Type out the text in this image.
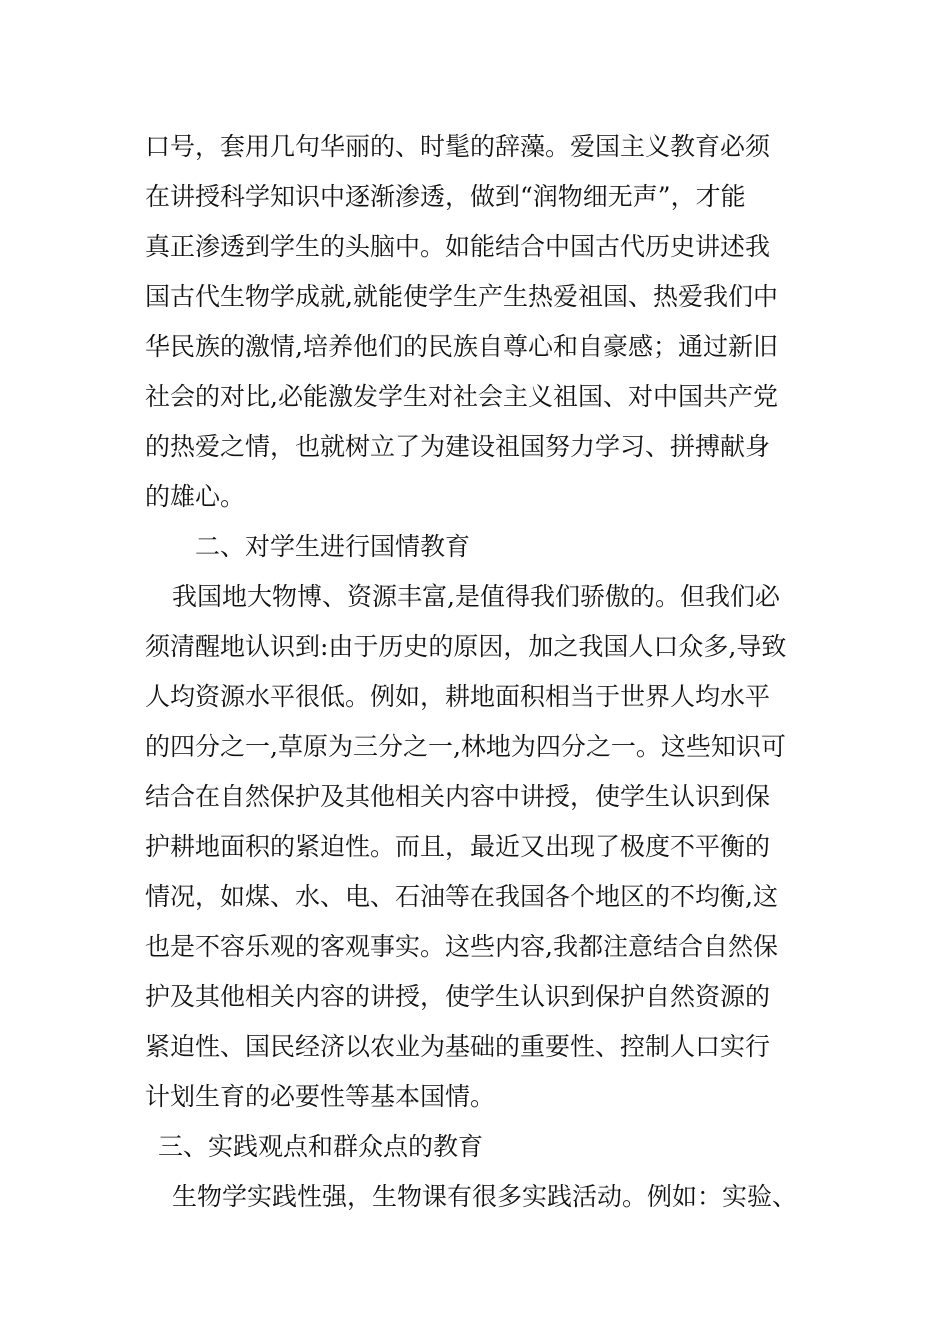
口号，套用几句华丽的、时髦的辞藻。爱国主义教育必须
在讲授科学知识中逐渐渗透，做到“润物细无声”，才能
真正渗透到学生的头脑中。如能结合中国古代历史讲述我
国古代生物学成就,就能使学生产生热爱祖国、热爱我们中
华民族的激情,培养他们的民族自尊心和自豪感；通过新旧
社会的对比,必能激发学生对社会主义祖国、对中国共产党
的热爱之情，也就树立了为建设祖国努力学习、拼搏献身
的雄心。
二、对学生进行国情教育
我国地大物博、资源丰富,是值得我们骄傲的。但我们必
须清醒地认识到:由于历史的原因，加之我国人口众多,导致
人均资源水平很低。例如，耕地面积相当于世界人均水平
的四分之一,草原为三分之一,林地为四分之一。这些知识可
结合在自然保护及其他相关内容中讲授，使学生认识到保
护耕地面积的紧迫性。而且，最近又出现了极度不平衡的
情况，如煤、水、电、石油等在我国各个地区的不均衡,这
也是不容乐观的客观事实。这些内容,我都注意结合自然保
护及其他相关内容的讲授，使学生认识到保护自然资源的
紧迫性、国民经济以农业为基础的重要性、控制人口实行
计划生育的必要性等基本国情。
三、实践观点和群众点的教育
生物学实践性强，生物课有很多实践活动。例如：实验、
